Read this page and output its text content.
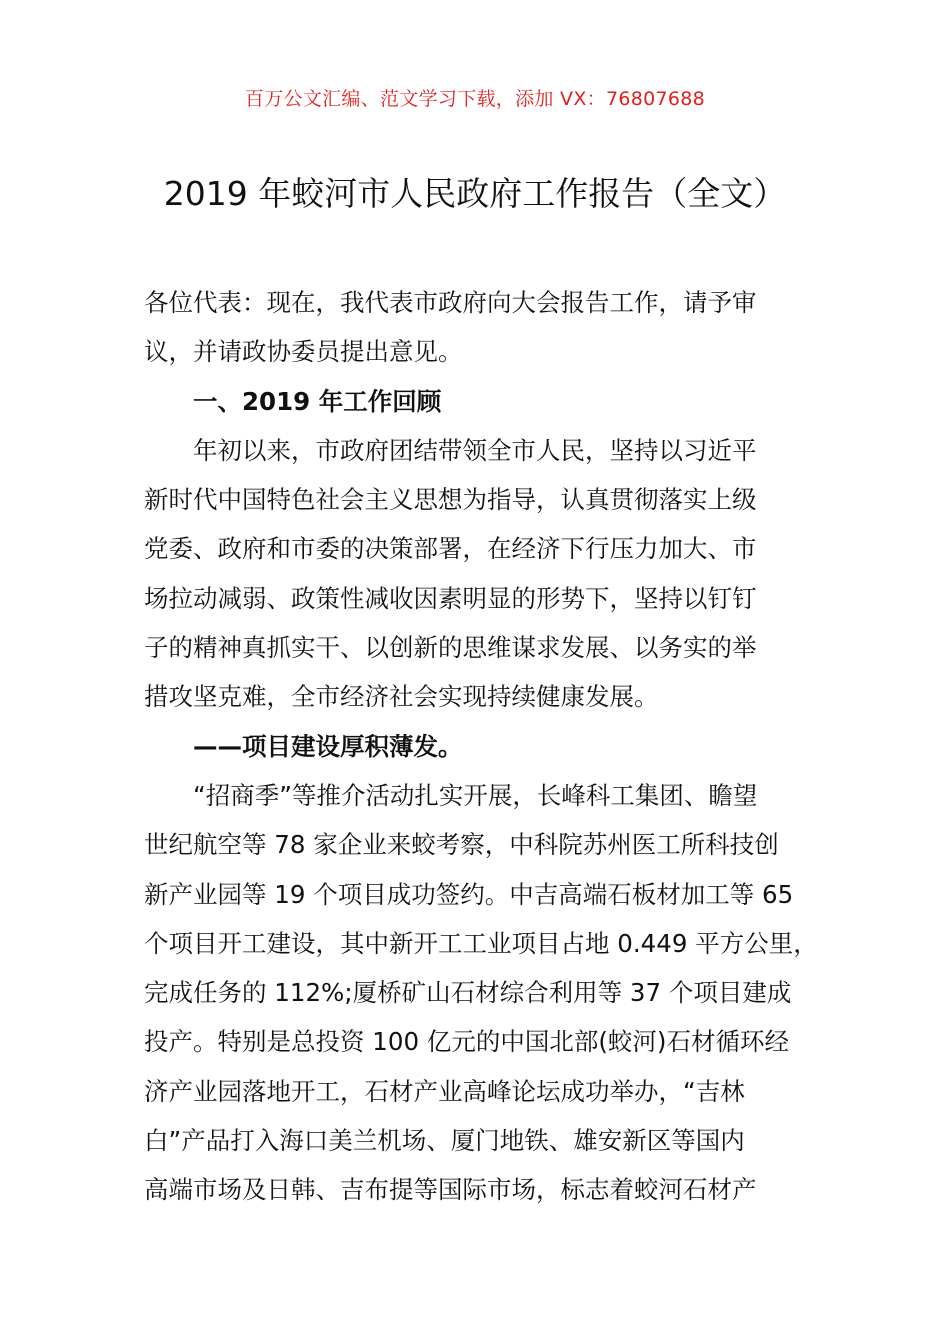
百万公文汇编、范文学习下载，添加 VX：76807688
2019 年蛟河市人民政府工作报告（全文）
各位代表：现在，我代表市政府向大会报告工作，请予审
议，并请政协委员提出意见。
一、2019 年工作回顾
年初以来，市政府团结带领全市人民，坚持以习近平
新时代中国特色社会主义思想为指导，认真贯彻落实上级
党委、政府和市委的决策部署，在经济下行压力加大、市
场拉动减弱、政策性减收因素明显的形势下，坚持以钉钉
子的精神真抓实干、以创新的思维谋求发展、以务实的举
措攻坚克难，全市经济社会实现持续健康发展。
——项目建设厚积薄发。
“招商季”等推介活动扎实开展，长峰科工集团、瞻望
世纪航空等 78 家企业来蛟考察，中科院苏州医工所科技创
新产业园等 19 个项目成功签约。中吉高端石板材加工等 65
个项目开工建设，其中新开工工业项目占地 0.449 平方公里，
完成任务的 112%;厦桥矿山石材综合利用等 37 个项目建成
投产。特别是总投资 100 亿元的中国北部(蛟河)石材循环经
济产业园落地开工，石材产业高峰论坛成功举办，“吉林
白”产品打入海口美兰机场、厦门地铁、雄安新区等国内
高端市场及日韩、吉布提等国际市场，标志着蛟河石材产
